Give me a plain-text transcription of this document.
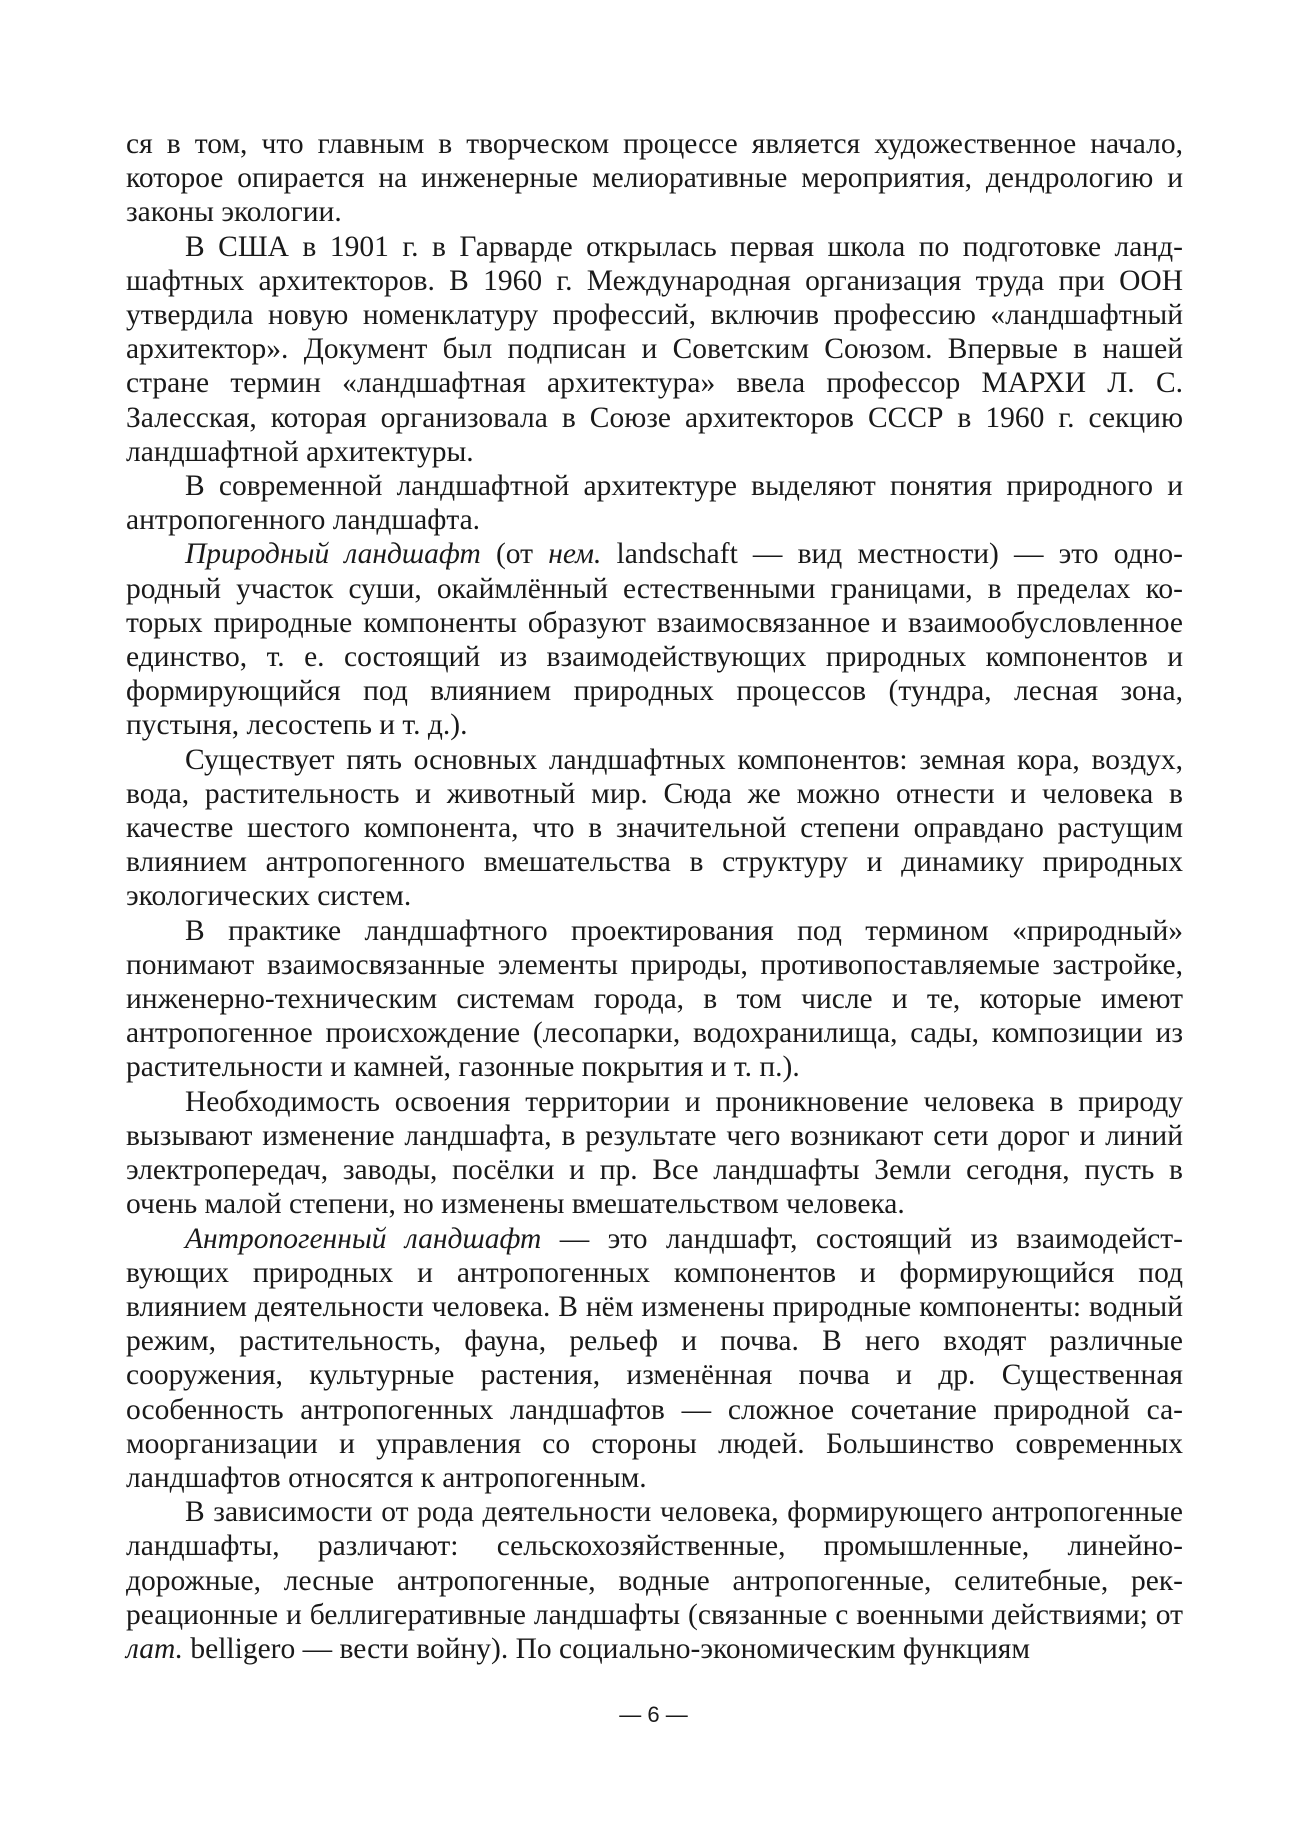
ся в том, что главным в творческом процессе является художественное начало, которое опирается на инженерные мелиоративные мероприятия, дендрологию и законы экологии.

В США в 1901 г. в Гарварде открылась первая школа по подготовке ландшафтных архитекторов. В 1960 г. Международная организация труда при ООН утвердила новую номенклатуру профессий, включив профессию «ландшафтный архитектор». Документ был подписан и Советским Союзом. Впервые в нашей стране термин «ландшафтная архитектура» ввела профессор МАРХИ Л. С. Залесская, которая организовала в Союзе архитекторов СССР в 1960 г. секцию ландшафтной архитектуры.

В современной ландшафтной архитектуре выделяют понятия природного и антропогенного ландшафта.

Природный ландшафт (от нем. landschaft — вид местности) — это однородный участок суши, окаймлённый естественными границами, в пределах которых природные компоненты образуют взаимосвязанное и взаимообусловленное единство, т. е. состоящий из взаимодействующих природных компонентов и формирующийся под влиянием природных процессов (тундра, лесная зона, пустыня, лесостепь и т. д.).

Существует пять основных ландшафтных компонентов: земная кора, воздух, вода, растительность и животный мир. Сюда же можно отнести и человека в качестве шестого компонента, что в значительной степени оправдано растущим влиянием антропогенного вмешательства в структуру и динамику природных экологических систем.

В практике ландшафтного проектирования под термином «природный» понимают взаимосвязанные элементы природы, противопоставляемые застройке, инженерно-техническим системам города, в том числе и те, которые имеют антропогенное происхождение (лесопарки, водохранилища, сады, композиции из растительности и камней, газонные покрытия и т. п.).

Необходимость освоения территории и проникновение человека в природу вызывают изменение ландшафта, в результате чего возникают сети дорог и линий электропередач, заводы, посёлки и пр. Все ландшафты Земли сегодня, пусть в очень малой степени, но изменены вмешательством человека.

Антропогенный ландшафт — это ландшафт, состоящий из взаимодействующих природных и антропогенных компонентов и формирующийся под влиянием деятельности человека. В нём изменены природные компоненты: водный режим, растительность, фауна, рельеф и почва. В него входят различные сооружения, культурные растения, изменённая почва и др. Существенная особенность антропогенных ландшафтов — сложное сочетание природной самоорганизации и управления со стороны людей. Большинство современных ландшафтов относятся к антропогенным.

В зависимости от рода деятельности человека, формирующего антропогенные ландшафты, различают: сельскохозяйственные, промышленные, линейно-дорожные, лесные антропогенные, водные антропогенные, селитебные, рекреационные и беллигеративные ландшафты (связанные с военными действиями; от лат. belligero — вести войну). По социально-экономическим функциям

— 6 —
